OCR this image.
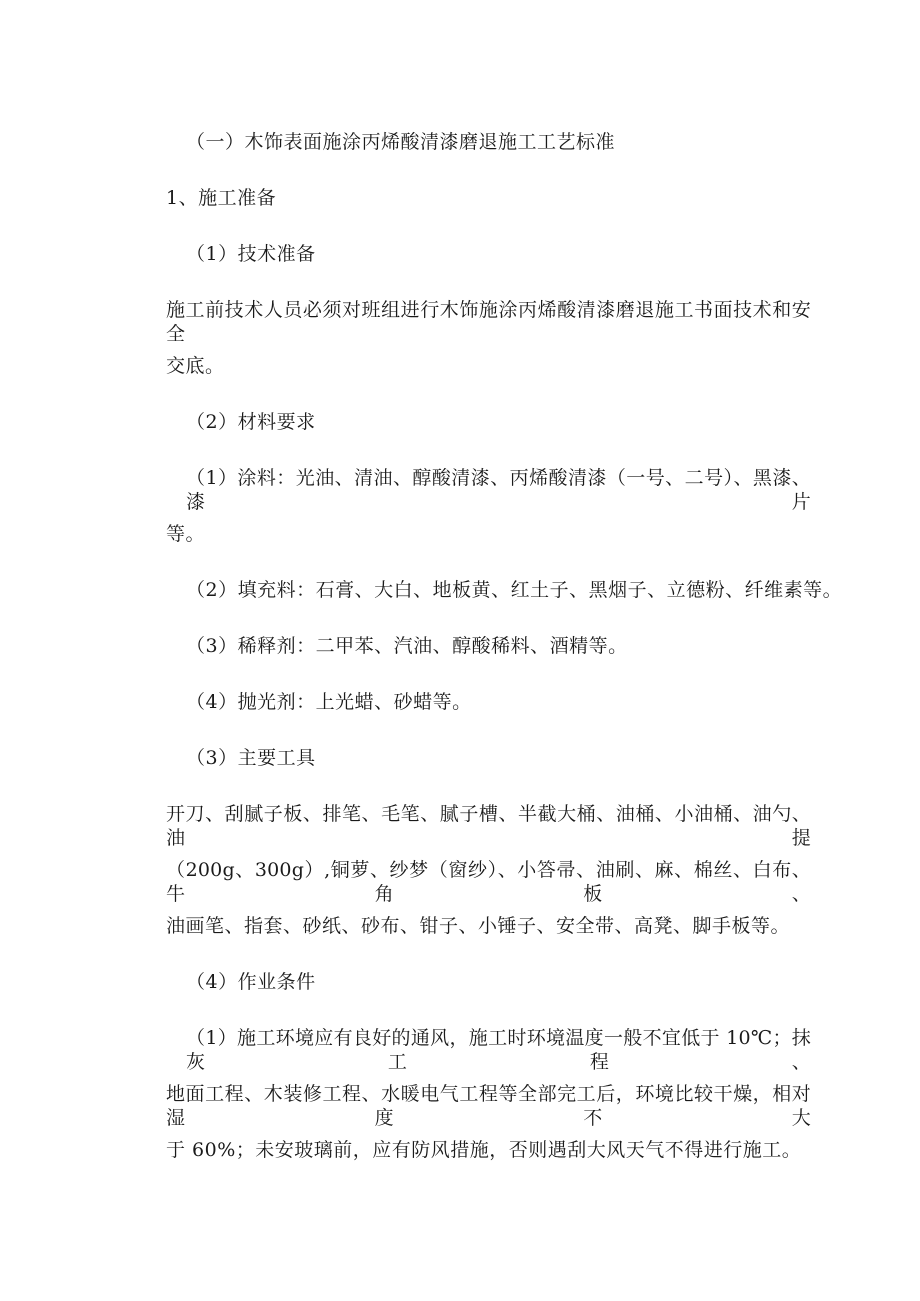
（一）木饰表面施涂丙烯酸清漆磨退施工工艺标准
1、施工准备
（1）技术准备
施工前技术人员必须对班组进行木饰施涂丙烯酸清漆磨退施工书面技术和安全
交底。
（2）材料要求
（1）涂料：光油、清油、醇酸清漆、丙烯酸清漆（一号、二号）、黑漆、漆片
等。
（2）填充料：石膏、大白、地板黄、红土子、黑烟子、立德粉、纤维素等。
（3）稀释剂：二甲苯、汽油、醇酸稀料、酒精等。
（4）抛光剂：上光蜡、砂蜡等。
（3）主要工具
开刀、刮腻子板、排笔、毛笔、腻子槽、半截大桶、油桶、小油桶、油勺、油提
（200g、300g）,铜萝、纱梦（窗纱）、小答帚、油刷、麻、棉丝、白布、牛角板、
油画笔、指套、砂纸、砂布、钳子、小锤子、安全带、高凳、脚手板等。
（4）作业条件
（1）施工环境应有良好的通风，施工时环境温度一般不宜低于 10℃；抹灰工程、
地面工程、木装修工程、水暖电气工程等全部完工后，环境比较干燥，相对湿度不大
于 60%；未安玻璃前，应有防风措施，否则遇刮大风天气不得进行施工。
